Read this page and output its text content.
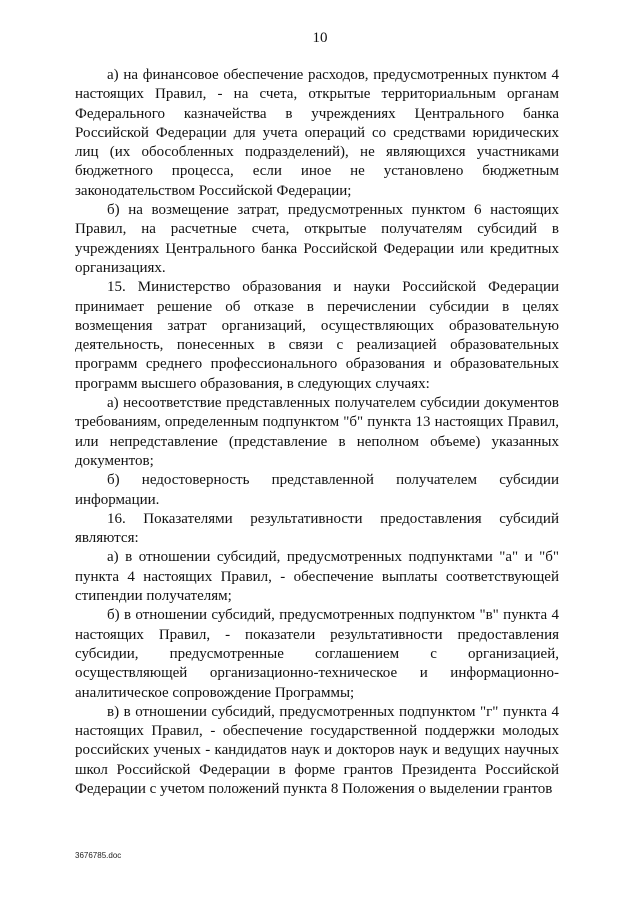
10

а) на финансовое обеспечение расходов, предусмотренных пунктом 4 настоящих Правил, - на счета, открытые территориальным органам Федерального казначейства в учреждениях Центрального банка Российской Федерации для учета операций со средствами юридических лиц (их обособленных подразделений), не являющихся участниками бюджетного процесса, если иное не установлено бюджетным законодательством Российской Федерации;

б) на возмещение затрат, предусмотренных пунктом 6 настоящих Правил, на расчетные счета, открытые получателям субсидий в учреждениях Центрального банка Российской Федерации или кредитных организациях.

15. Министерство образования и науки Российской Федерации принимает решение об отказе в перечислении субсидии в целях возмещения затрат организаций, осуществляющих образовательную деятельность, понесенных в связи с реализацией образовательных программ среднего профессионального образования и образовательных программ высшего образования, в следующих случаях:

а) несоответствие представленных получателем субсидии документов требованиям, определенным подпунктом "б" пункта 13 настоящих Правил, или непредставление (представление в неполном объеме) указанных документов;

б) недостоверность представленной получателем субсидии информации.

16. Показателями результативности предоставления субсидий являются:

а) в отношении субсидий, предусмотренных подпунктами "а" и "б" пункта 4 настоящих Правил, - обеспечение выплаты соответствующей стипендии получателям;

б) в отношении субсидий, предусмотренных подпунктом "в" пункта 4 настоящих Правил, - показатели результативности предоставления субсидии, предусмотренные соглашением с организацией, осуществляющей организационно-техническое и информационно-аналитическое сопровождение Программы;

в) в отношении субсидий, предусмотренных подпунктом "г" пункта 4 настоящих Правил, - обеспечение государственной поддержки молодых российских ученых - кандидатов наук и докторов наук и ведущих научных школ Российской Федерации в форме грантов Президента Российской Федерации с учетом положений пункта 8 Положения о выделении грантов

3676785.doc
